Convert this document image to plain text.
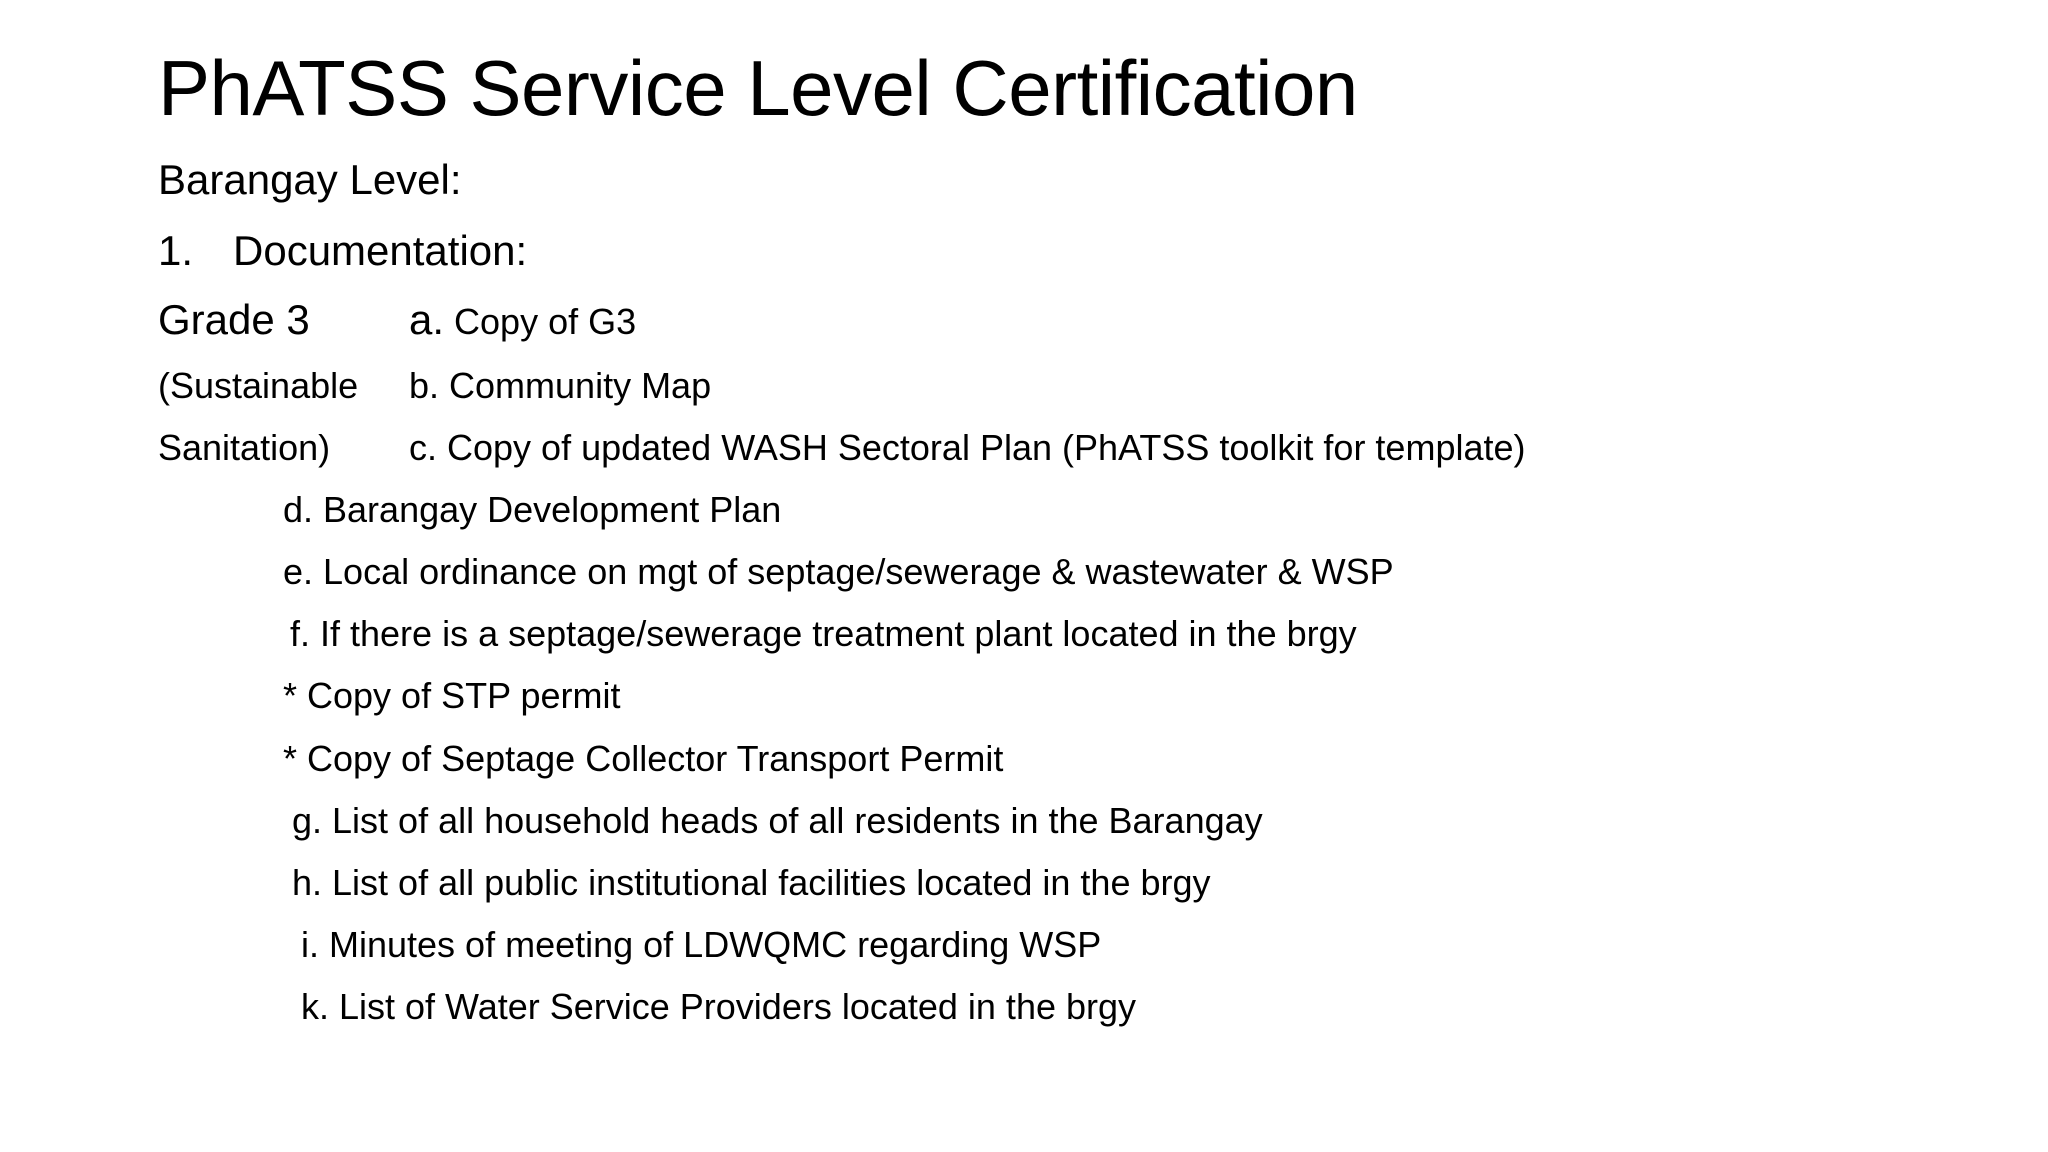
PhATSS Service Level Certification
Barangay Level:
1. Documentation:
Grade 3
(Sustainable
Sanitation)
a. Copy of G3
b. Community Map
c. Copy of updated WASH Sectoral Plan (PhATSS toolkit for template)
d. Barangay Development Plan
e. Local ordinance on mgt of septage/sewerage & wastewater & WSP
f. If there is a septage/sewerage treatment plant located in the brgy
* Copy of STP permit
* Copy of Septage Collector Transport Permit
g. List of all household heads of all residents in the Barangay
h. List of all public institutional facilities located in the brgy
i. Minutes of meeting of LDWQMC regarding WSP
k. List of Water Service Providers located in the brgy
